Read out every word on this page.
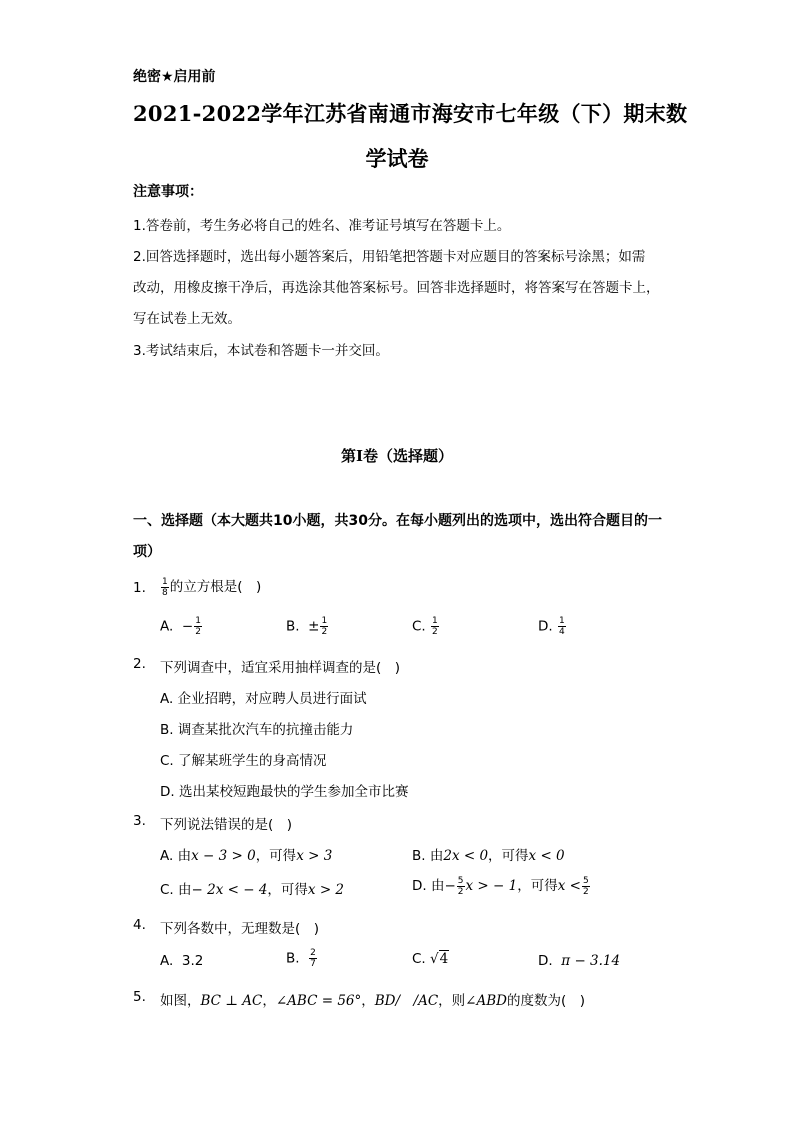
绝密★启用前
2021-2022学年江苏省南通市海安市七年级（下）期末数
学试卷
注意事项：
1.答卷前，考生务必将自己的姓名、准考证号填写在答题卡上。
2.回答选择题时，选出每小题答案后，用铅笔把答题卡对应题目的答案标号涂黑；如需
改动，用橡皮擦干净后，再选涂其他答案标号。回答非选择题时，将答案写在答题卡上，
写在试卷上无效。
3.考试结束后，本试卷和答题卡一并交回。
第Ⅰ卷（选择题）
一、选择题（本大题共10小题，共30分。在每小题列出的选项中，选出符合题目的一
项）
1. $\frac{1}{8}$ 的立方根是(　)
A. − $\frac{1}{2}$	B. ± $\frac{1}{2}$	C. $\frac{1}{2}$	D. $\frac{1}{4}$
2. 下列调查中，适宜采用抽样调查的是(　)
A. 企业招聘，对应聘人员进行面试
B. 调查某批次汽车的抗撞击能力
C. 了解某班学生的身高情况
D. 选出某校短跑最快的学生参加全市比赛
3. 下列说法错误的是(　)
A. 由x − 3 > 0，可得x > 3	B. 由2x < 0，可得x < 0
C. 由− 2x < − 4，可得x > 2	D. 由− $\frac{5}{2}$ x > − 1，可得$x < \frac{5}{2}$
4. 下列各数中，无理数是(　)
A. 3.2	B. $\frac{2}{7}$	C. √4	D. π − 3.14
5. 如图，BC ⊥ AC，∠ABC = 56°，BD/　/AC，则∠ABD的度数为(　)
